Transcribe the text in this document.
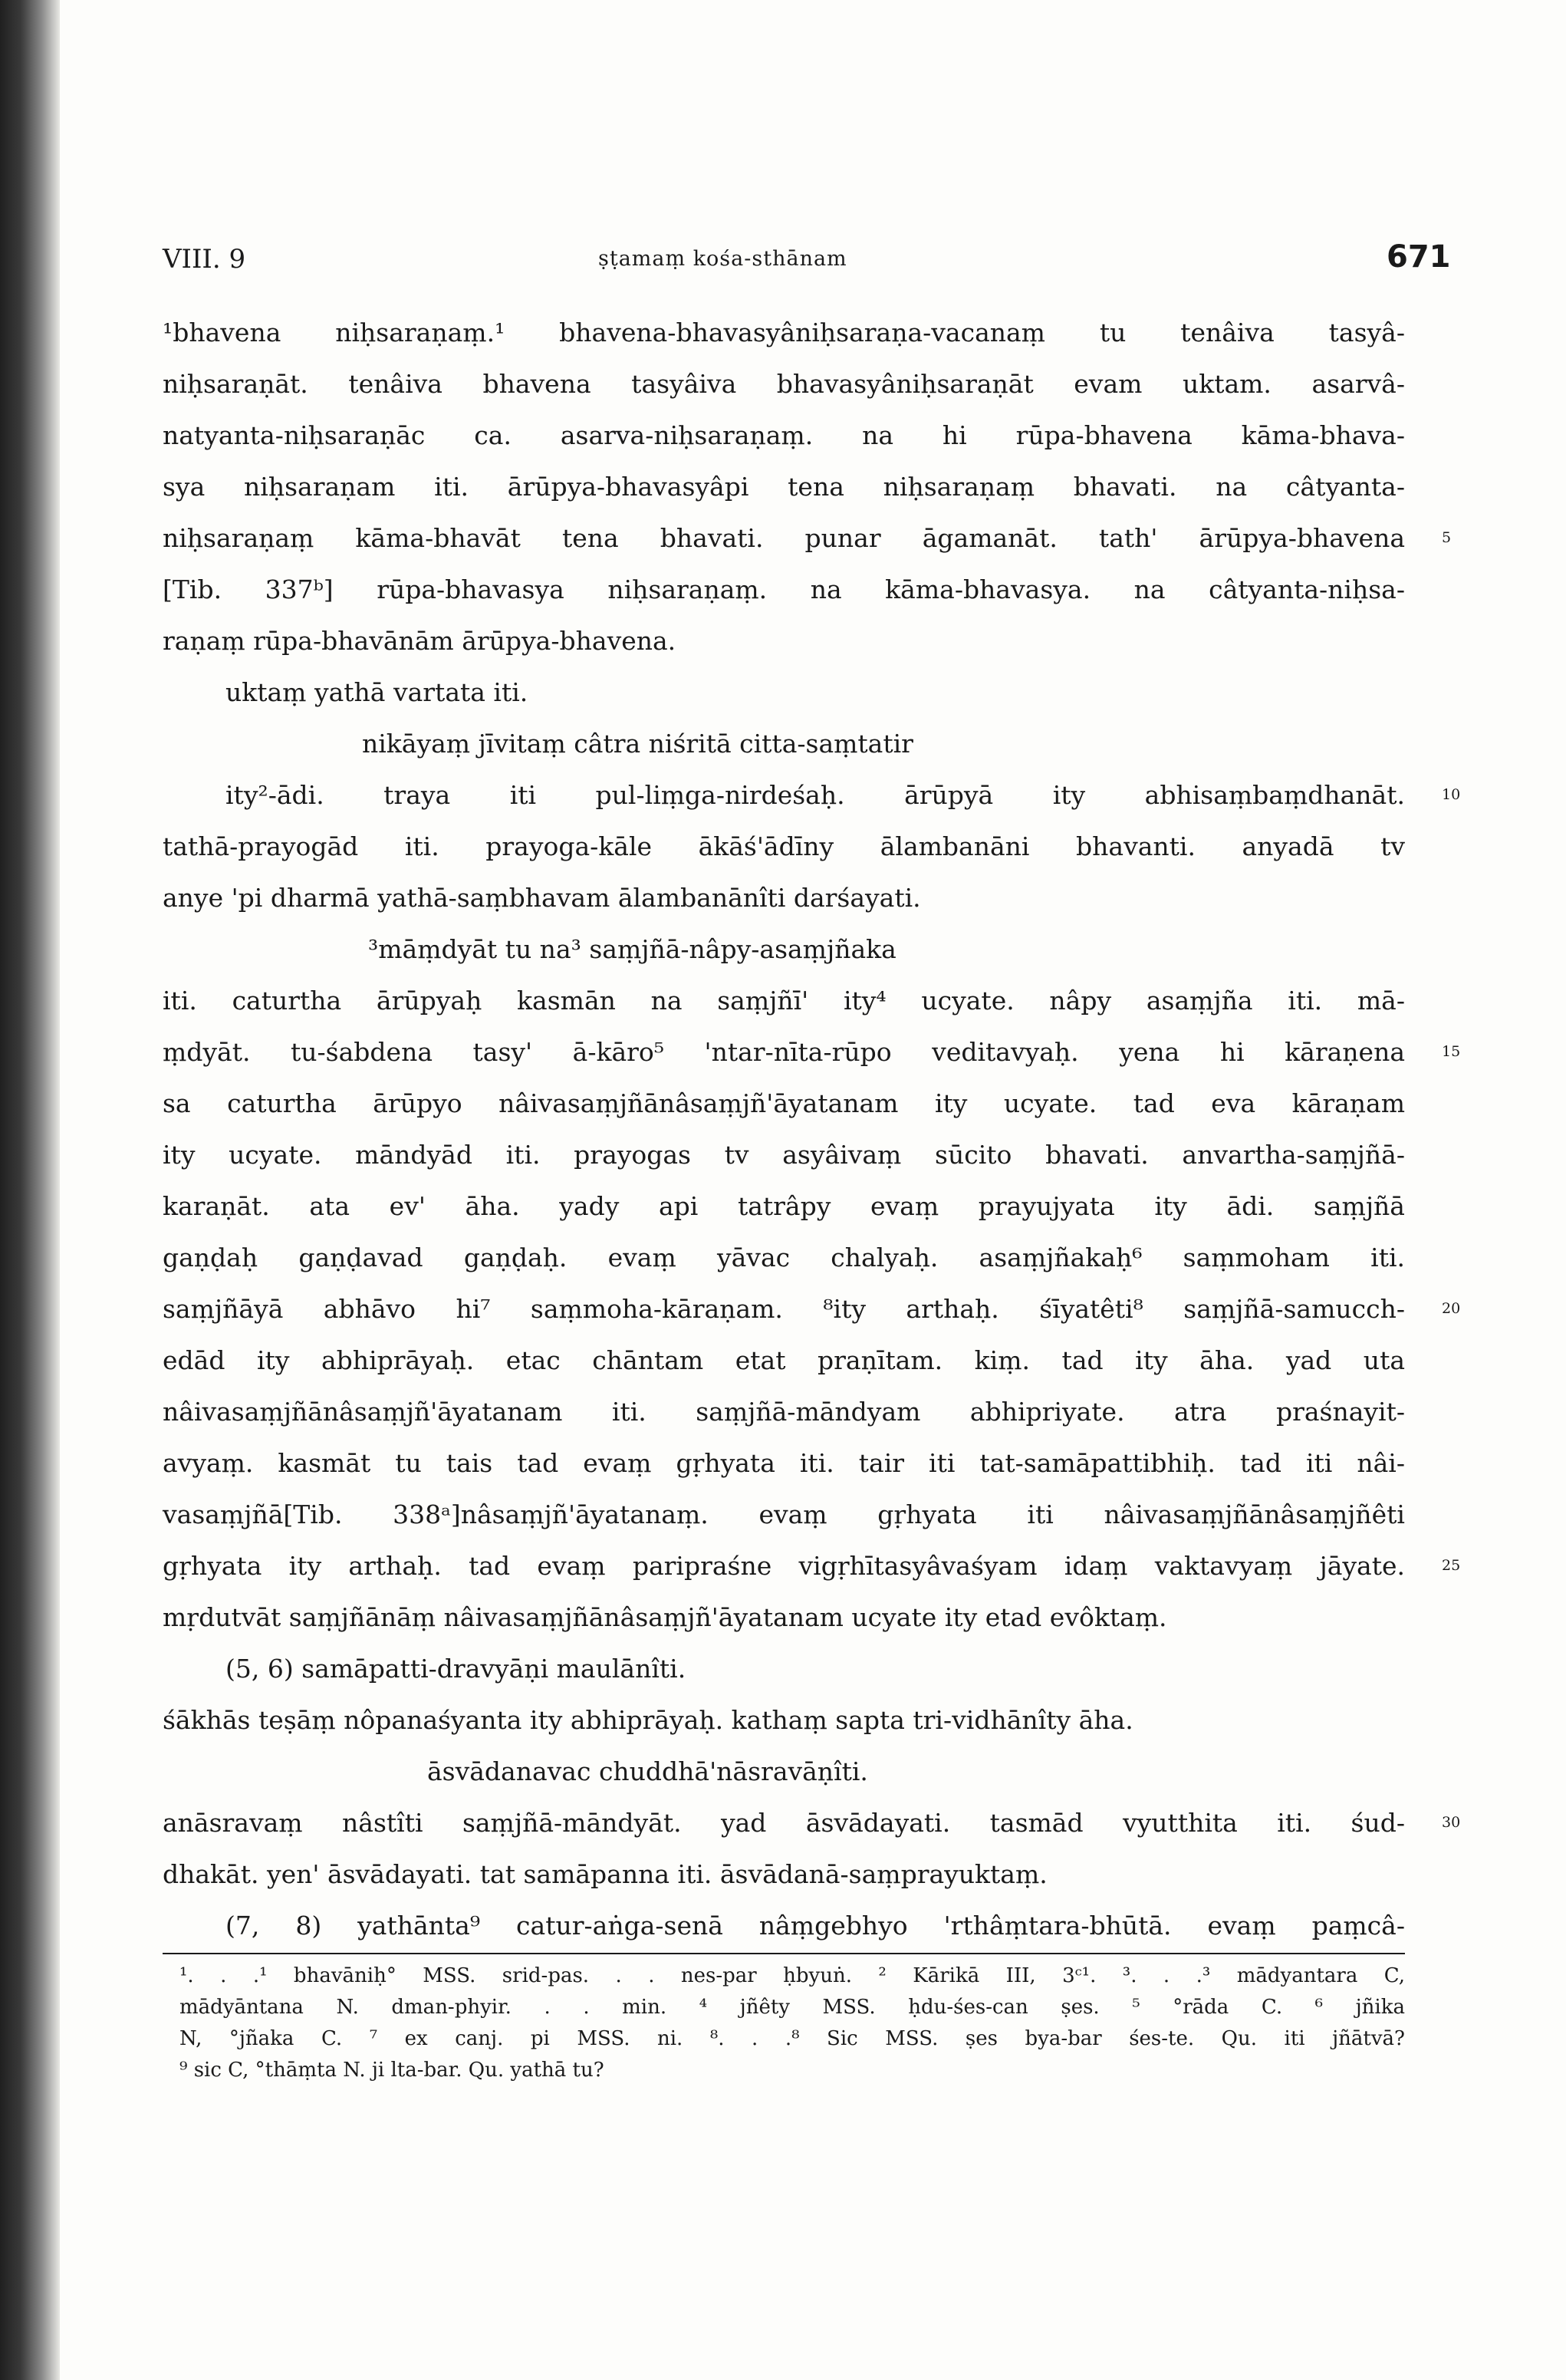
VIII. 9	ṣṭamaṃ kośa-sthānam	671
¹bhavena niḥsaraṇaṃ.¹ bhavena-bhavasyâniḥsaraṇa-vacanaṃ tu tenâiva tasyâ-
niḥsaraṇāt. tenâiva bhavena tasyâiva bhavasyâniḥsaraṇāt evam uktam. asarvâ-
natyanta-niḥsaraṇāc ca. asarva-niḥsaraṇaṃ. na hi rūpa-bhavena kāma-bhava-
sya niḥsaraṇam iti. ārūpya-bhavasyâpi tena niḥsaraṇaṃ bhavati. na câtyanta-
niḥsaraṇaṃ kāma-bhavāt tena bhavati. punar āgamanāt. tath' ārūpya-bhavena	5
[Tib. 337ᵇ] rūpa-bhavasya niḥsaraṇaṃ. na kāma-bhavasya. na câtyanta-niḥsa-
raṇaṃ rūpa-bhavānām ārūpya-bhavena.
uktaṃ yathā vartata iti.
nikāyaṃ jīvitaṃ câtra niśritā citta-saṃtatir
ity²-ādi. traya iti pul-liṃga-nirdeśaḥ. ārūpyā ity abhisaṃbaṃdhanāt.	10
tathā-prayogād iti. prayoga-kāle ākāś'ādīny ālambanāni bhavanti. anyadā tv
anye 'pi dharmā yathā-saṃbhavam ālambanānîti darśayati.
³māṃdyāt tu na³ saṃjñā-nâpy-asaṃjñaka
iti. caturtha ārūpyaḥ kasmān na saṃjñī' ity⁴ ucyate. nâpy asaṃjña iti. mā-
ṃdyāt. tu-śabdena tasy' ā-kāro⁵ 'ntar-nīta-rūpo veditavyaḥ. yena hi kāraṇena	15
sa caturtha ārūpyo nâivasaṃjñānâsaṃjñ'āyatanam ity ucyate. tad eva kāraṇam
ity ucyate. māndyād iti. prayogas tv asyâivaṃ sūcito bhavati. anvartha-saṃjñā-
karaṇāt. ata ev' āha. yady api tatrâpy evaṃ prayujyata ity ādi. saṃjñā
gaṇḍaḥ gaṇḍavad gaṇḍaḥ. evaṃ yāvac chalyaḥ. asaṃjñakaḥ⁶ saṃmoham iti.
saṃjñāyā abhāvo hi⁷ saṃmoha-kāraṇam. ⁸ity arthaḥ. śīyatêti⁸ saṃjñā-samucch-	20
edād ity abhiprāyaḥ. etac chāntam etat praṇītam. kiṃ. tad ity āha. yad uta
nâivasaṃjñānâsaṃjñ'āyatanam iti. saṃjñā-māndyam abhipriyate. atra praśnayit-
avyaṃ. kasmāt tu tais tad evaṃ gṛhyata iti. tair iti tat-samāpattibhiḥ. tad iti nâi-
vasaṃjñā[Tib. 338ᵃ]nâsaṃjñ'āyatanaṃ. evaṃ gṛhyata iti nâivasaṃjñānâsaṃjñêti
gṛhyata ity arthaḥ. tad evaṃ paripraśne vigṛhītasyâvaśyam idaṃ vaktavyaṃ jāyate.	25
mṛdutvāt saṃjñānāṃ nâivasaṃjñānâsaṃjñ'āyatanam ucyate ity etad evôktaṃ.
(5, 6) samāpatti-dravyāṇi maulānîti.
śākhās teṣāṃ nôpanaśyanta ity abhiprāyaḥ. kathaṃ sapta tri-vidhānîty āha.
āsvādanavac chuddhā'nāsravāṇîti.
anāsravaṃ nâstîti saṃjñā-māndyāt. yad āsvādayati. tasmād vyutthita iti. śud-	30
dhakāt. yen' āsvādayati. tat samāpanna iti. āsvādanā-saṃprayuktaṃ.
(7, 8) yathānta⁹ catur-aṅga-senā nâṃgebhyo 'rthâṃtara-bhūtā. evaṃ paṃcâ-
¹. . .¹ bhavāniḥ° MSS. srid-pas. . . nes-par ḥbyuṅ. ² Kārikā III, 3ᶜ¹. ³. . .³ mādyantara C,
mādyāntana N. dman-phyir. . . min. ⁴ jñêty MSS. ḥdu-śes-can ṣes. ⁵ °rāda C. ⁶ jñika
N, °jñaka C. ⁷ ex canj. pi MSS. ni. ⁸. . .⁸ Sic MSS. ṣes bya-bar śes-te. Qu. iti jñātvā?
⁹ sic C, °thāṃta N. ji lta-bar. Qu. yathā tu?
